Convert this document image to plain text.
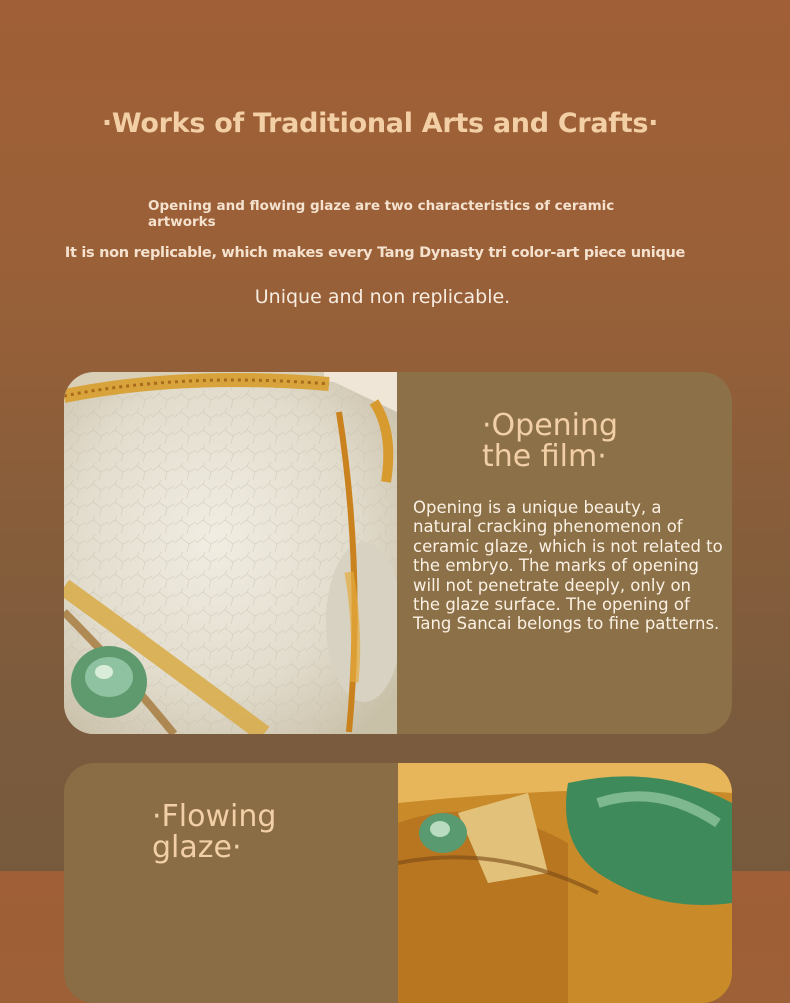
·Works of Traditional Arts and Crafts·
Opening and flowing glaze are two characteristics of ceramic artworks
It is non replicable, which makes every Tang Dynasty tri color-art piece unique
Unique and non replicable.
·Opening
the film·
Opening is a unique beauty, a natural cracking phenomenon of ceramic glaze, which is not related to the embryo. The marks of opening will not penetrate deeply, only on the glaze surface. The opening of Tang Sancai belongs to fine patterns.
·Flowing
glaze·
